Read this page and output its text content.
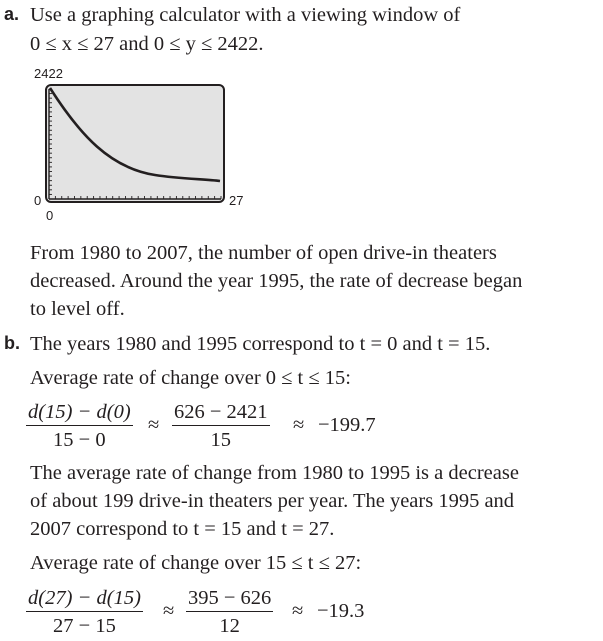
a. Use a graphing calculator with a viewing window of
0 ≤ x ≤ 27 and 0 ≤ y ≤ 2422.
2422
0
0
27
From 1980 to 2007, the number of open drive-in theaters
decreased. Around the year 1995, the rate of decrease began
to level off.
b. The years 1980 and 1995 correspond to t = 0 and t = 15.
Average rate of change over 0 ≤ t ≤ 15:
$\frac{d(15) - d(0)}{15 - 0} \approx \frac{626 - 2421}{15} \approx -199.7$
The average rate of change from 1980 to 1995 is a decrease
of about 199 drive-in theaters per year. The years 1995 and
2007 correspond to t = 15 and t = 27.
Average rate of change over 15 ≤ t ≤ 27:
$\frac{d(27) - d(15)}{27 - 15} \approx \frac{395 - 626}{12} \approx -19.3$
